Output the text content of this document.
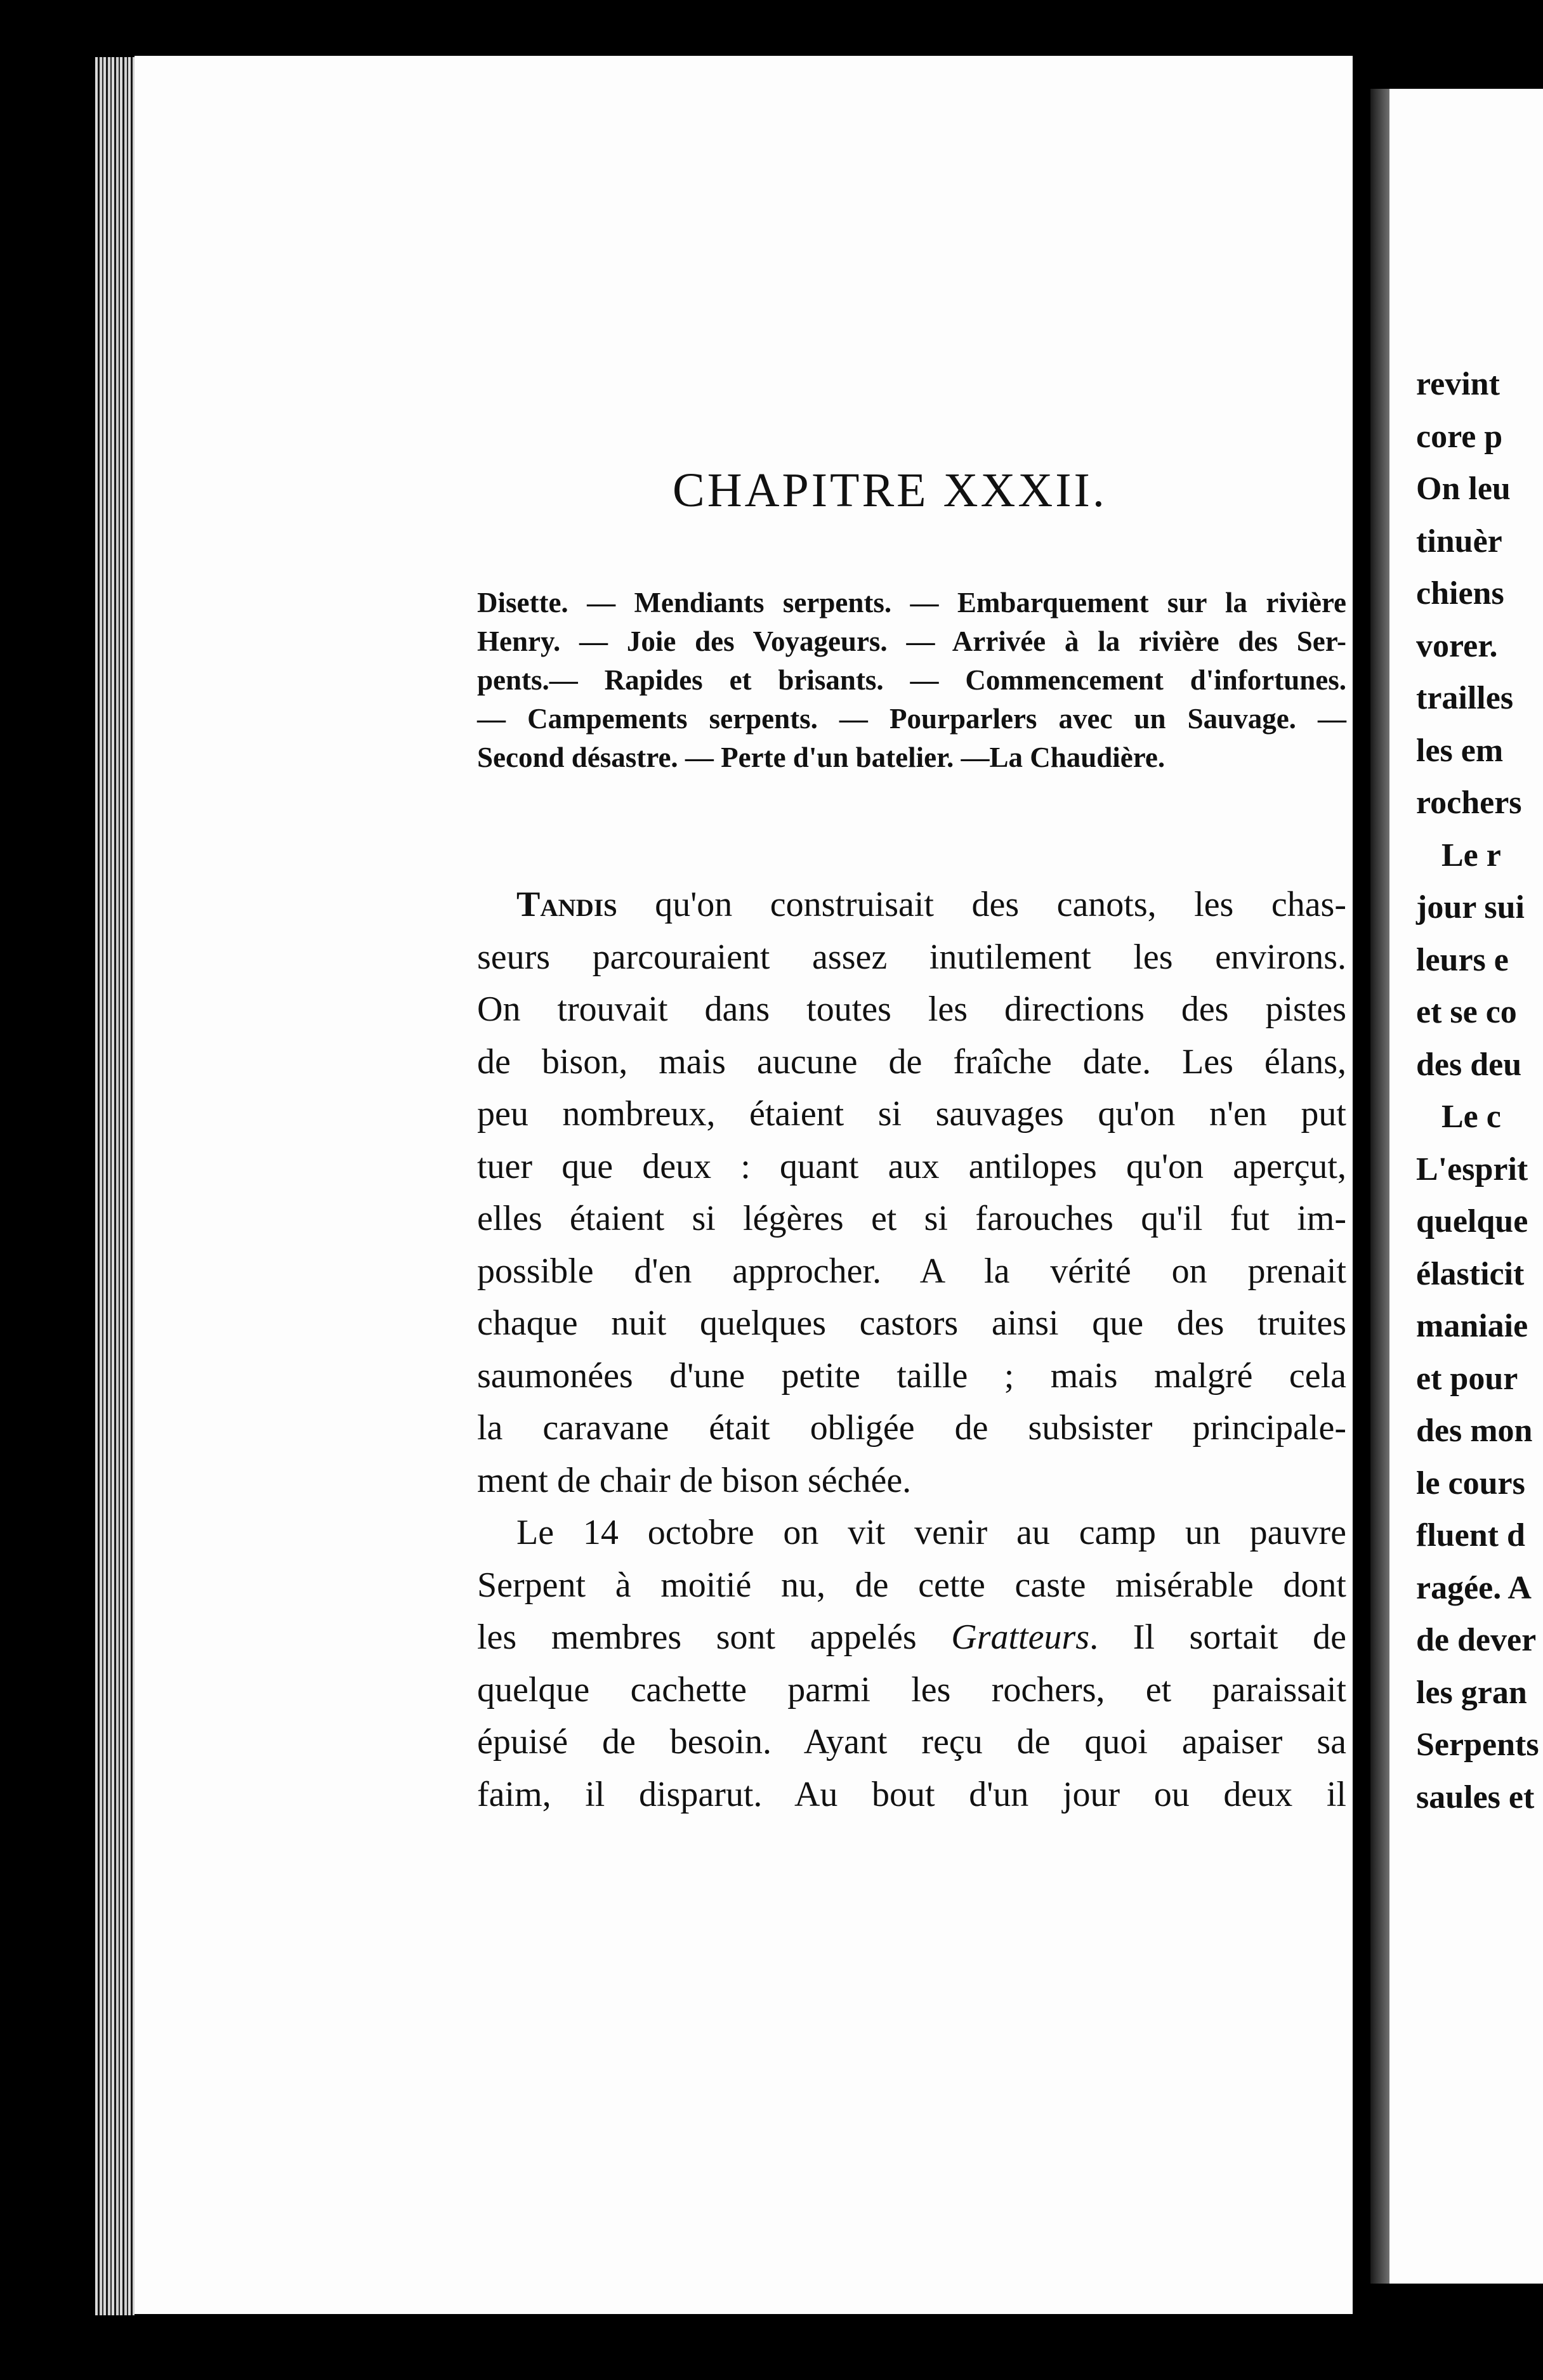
CHAPITRE XXXII.
Disette. — Mendiants serpents. — Embarquement sur la rivière
Henry. — Joie des Voyageurs. — Arrivée à la rivière des Ser-
pents.— Rapides et brisants. — Commencement d'infortunes.
— Campements serpents. — Pourparlers avec un Sauvage. —
Second désastre. — Perte d'un batelier. —La Chaudière.
Tandis qu'on construisait des canots, les chas-
seurs parcouraient assez inutilement les environs.
On trouvait dans toutes les directions des pistes
de bison, mais aucune de fraîche date. Les élans,
peu nombreux, étaient si sauvages qu'on n'en put
tuer que deux : quant aux antilopes qu'on aperçut,
elles étaient si légères et si farouches qu'il fut im-
possible d'en approcher. A la vérité on prenait
chaque nuit quelques castors ainsi que des truites
saumonées d'une petite taille ; mais malgré cela
la caravane était obligée de subsister principale-
ment de chair de bison séchée.
Le 14 octobre on vit venir au camp un pauvre
Serpent à moitié nu, de cette caste misérable dont
les membres sont appelés Gratteurs. Il sortait de
quelque cachette parmi les rochers, et paraissait
épuisé de besoin. Ayant reçu de quoi apaiser sa
faim, il disparut. Au bout d'un jour ou deux il
revint
core p
On leu
tinuèr
chiens
vorer.
trailles
les em
rochers
Le r
jour sui
leurs e
et se co
des deu
Le c
L'esprit
quelque
élasticit
maniaie
et pour
des mon
le cours
fluent d
ragée. A
de dever
les gran
Serpents
saules et
